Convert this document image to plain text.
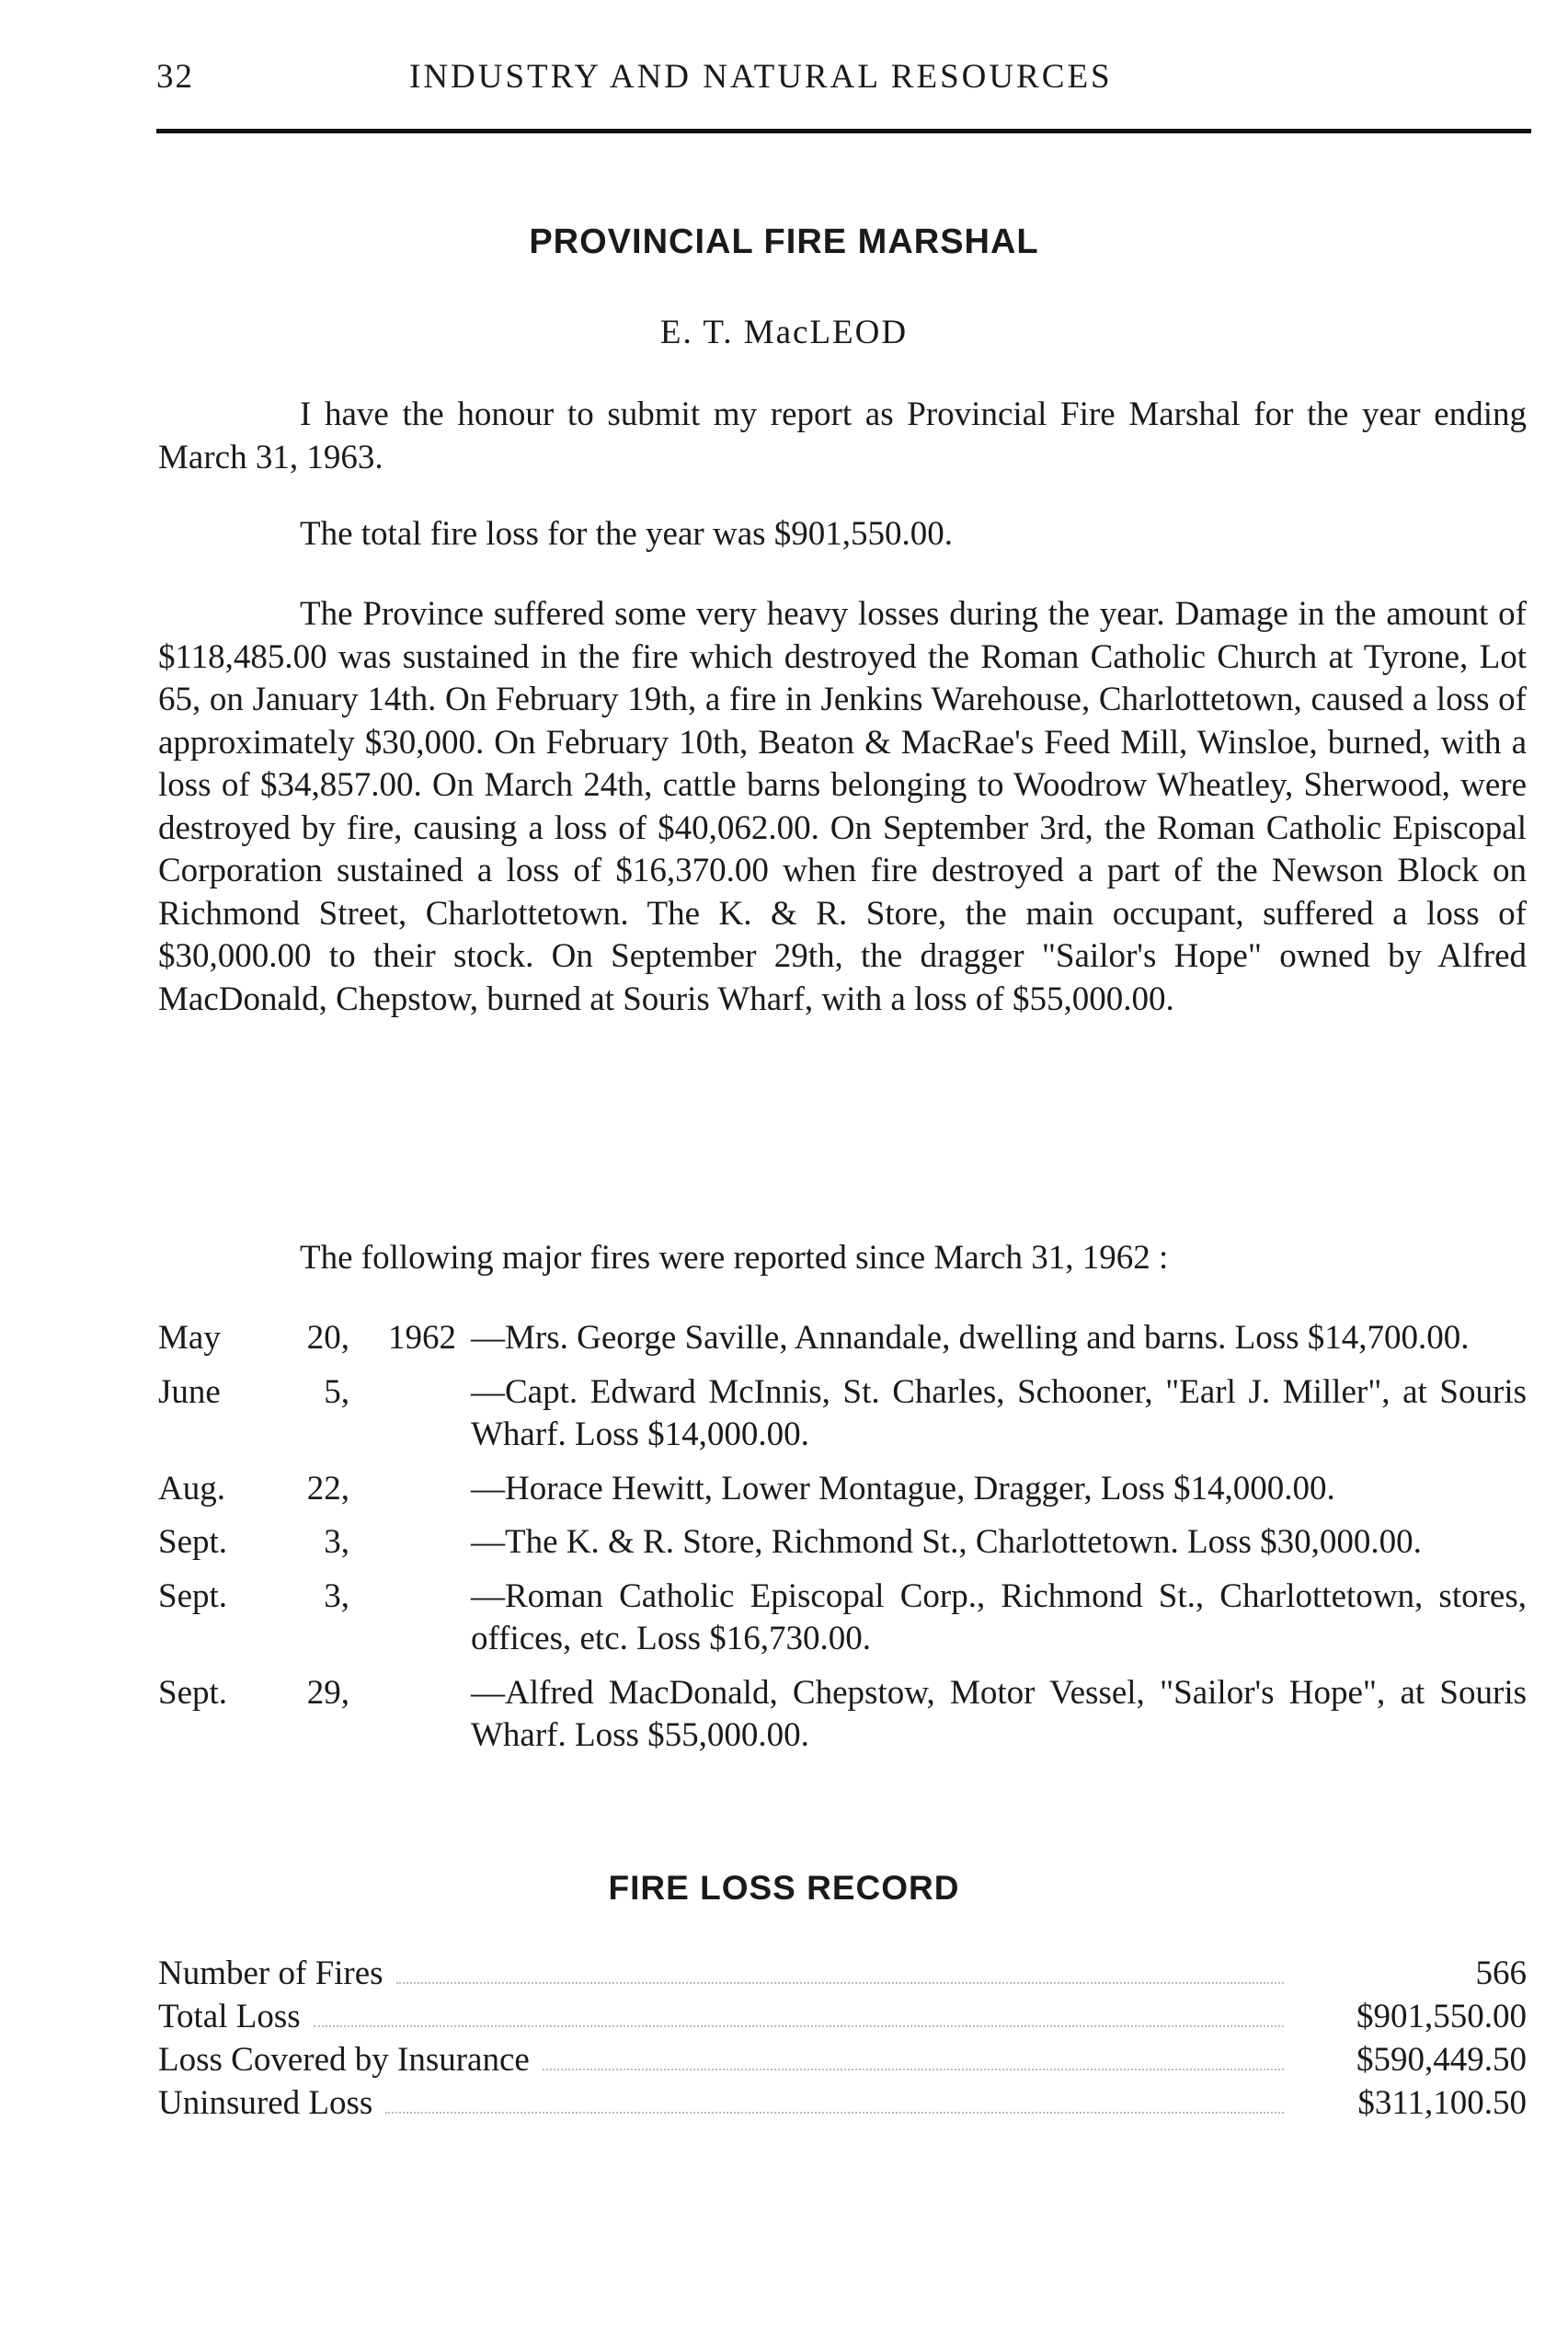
32	INDUSTRY AND NATURAL RESOURCES
PROVINCIAL FIRE MARSHAL
E. T. MacLEOD

I have the honour to submit my report as Provincial Fire Marshal for the year ending March 31, 1963.

The total fire loss for the year was $901,550.00.

The Province suffered some very heavy losses during the year. Damage in the amount of $118,485.00 was sustained in the fire which destroyed the Roman Catholic Church at Tyrone, Lot 65, on January 14th. On February 19th, a fire in Jenkins Warehouse, Charlottetown, caused a loss of approximately $30,000. On February 10th, Beaton & MacRae's Feed Mill, Winsloe, burned, with a loss of $34,857.00. On March 24th, cattle barns belonging to Woodrow Wheatley, Sherwood, were destroyed by fire, causing a loss of $40,062.00. On September 3rd, the Roman Catholic Episcopal Corporation sustained a loss of $16,370.00 when fire destroyed a part of the Newson Block on Richmond Street, Charlottetown. The K. & R. Store, the main occupant, suffered a loss of $30,000.00 to their stock. On September 29th, the dragger "Sailor's Hope" owned by Alfred MacDonald, Chepstow, burned at Souris Wharf, with a loss of $55,000.00.

The following major fires were reported since March 31, 1962 :

May	20, 1962 —Mrs. George Saville, Annandale, dwelling and barns. Loss $14,700.00.
June	5,	—Capt. Edward McInnis, St. Charles, Schooner, "Earl J. Miller", at Souris Wharf. Loss $14,000.00.
Aug.	22,	—Horace Hewitt, Lower Montague, Dragger, Loss $14,000.00.
Sept.	3,	—The K. & R. Store, Richmond St., Charlottetown. Loss $30,000.00.
Sept.	3,	—Roman Catholic Episcopal Corp., Richmond St., Charlottetown, stores, offices, etc. Loss $16,730.00.
Sept.	29,	—Alfred MacDonald, Chepstow, Motor Vessel, "Sailor's Hope", at Souris Wharf. Loss $55,000.00.
FIRE LOSS RECORD
Number of Fires	566
Total Loss	$901,550.00
Loss Covered by Insurance	$590,449.50
Uninsured Loss	$311,100.50
